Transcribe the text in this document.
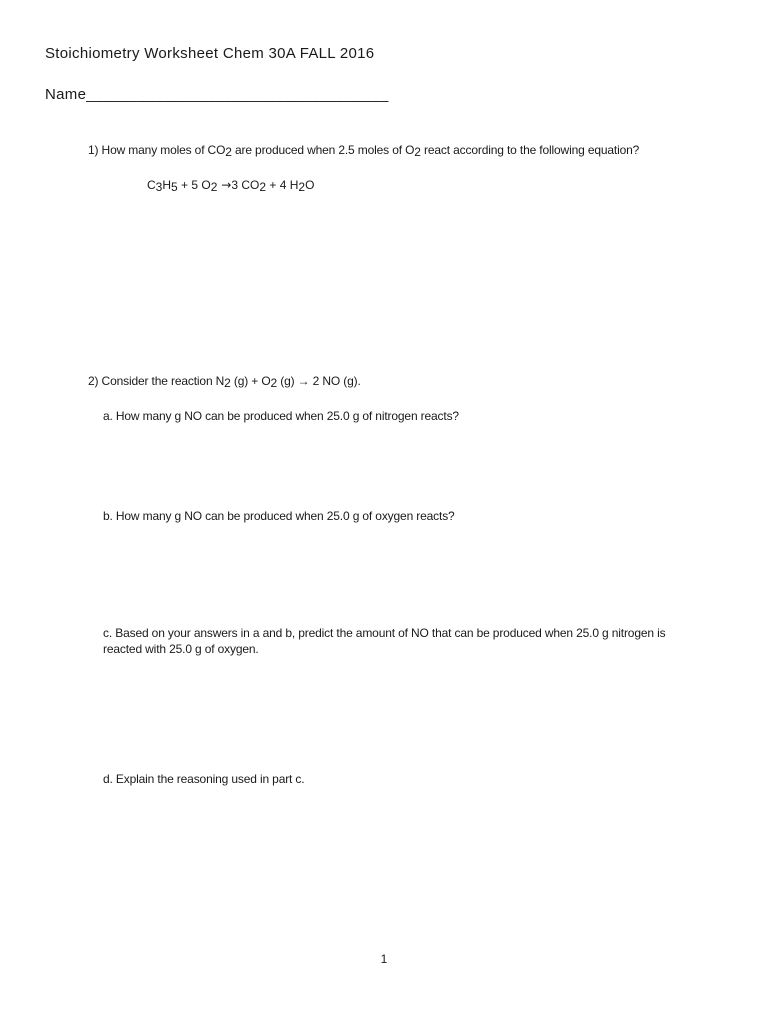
Stoichiometry Worksheet Chem 30A FALL 2016
Name___________________________________
1) How many moles of $CO_2$ are produced when 2.5 moles of $O_2$ react according to the following equation?
$C_3H_5 + 5$ $O_2 \to 3$ $CO_2 + 4$ $H_2O$
2) Consider the reaction $N_2$ $(g) + O_2$ (g) → 2 NO (g).
a. How many g NO can be produced when 25.0 g of nitrogen reacts?
b. How many g NO can be produced when 25.0 g of oxygen reacts?
c. Based on your answers in a and b, predict the amount of NO that can be produced when 25.0 g nitrogen is reacted with 25.0 g of oxygen.
d. Explain the reasoning used in part c.
1
